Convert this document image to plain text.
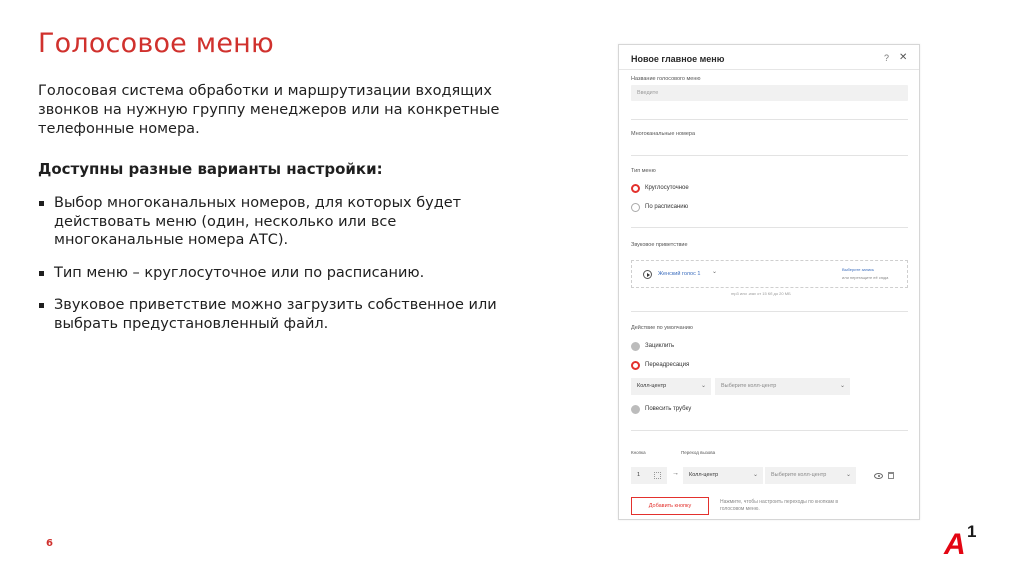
Голосовое меню
Голосовая система обработки и маршрутизации входящих звонков на нужную группу менеджеров или на конкретные телефонные номера.
Доступны разные варианты настройки:
Выбор многоканальных номеров, для которых будет действовать меню (один, несколько или все многоканальные номера АТС).
Тип меню – круглосуточное или по расписанию.
Звуковое приветствие можно загрузить собственное или выбрать предустановленный файл.
6	A 1
Новое главное меню	? ✕
Название голосового меню
Введите
Многоканальные номера
Тип меню
Круглосуточное
По расписанию
Звуковое приветствие
Женский голос 1 ⌄	Выберите запись
или перетащите её сюда
mp3 или .wav от 15 Кб до 20 МБ
Действие по умолчанию
Зациклить
Переадресация
Колл-центр	⌄	Выберите колл-центр	⌄
Повесить трубку
Кнопка	Переход вызова
1	→ Колл-центр	⌄ Выберите колл-центр	⌄
Добавить кнопку
Нажмите, чтобы настроить переходы по кнопкам в голосовом меню.
